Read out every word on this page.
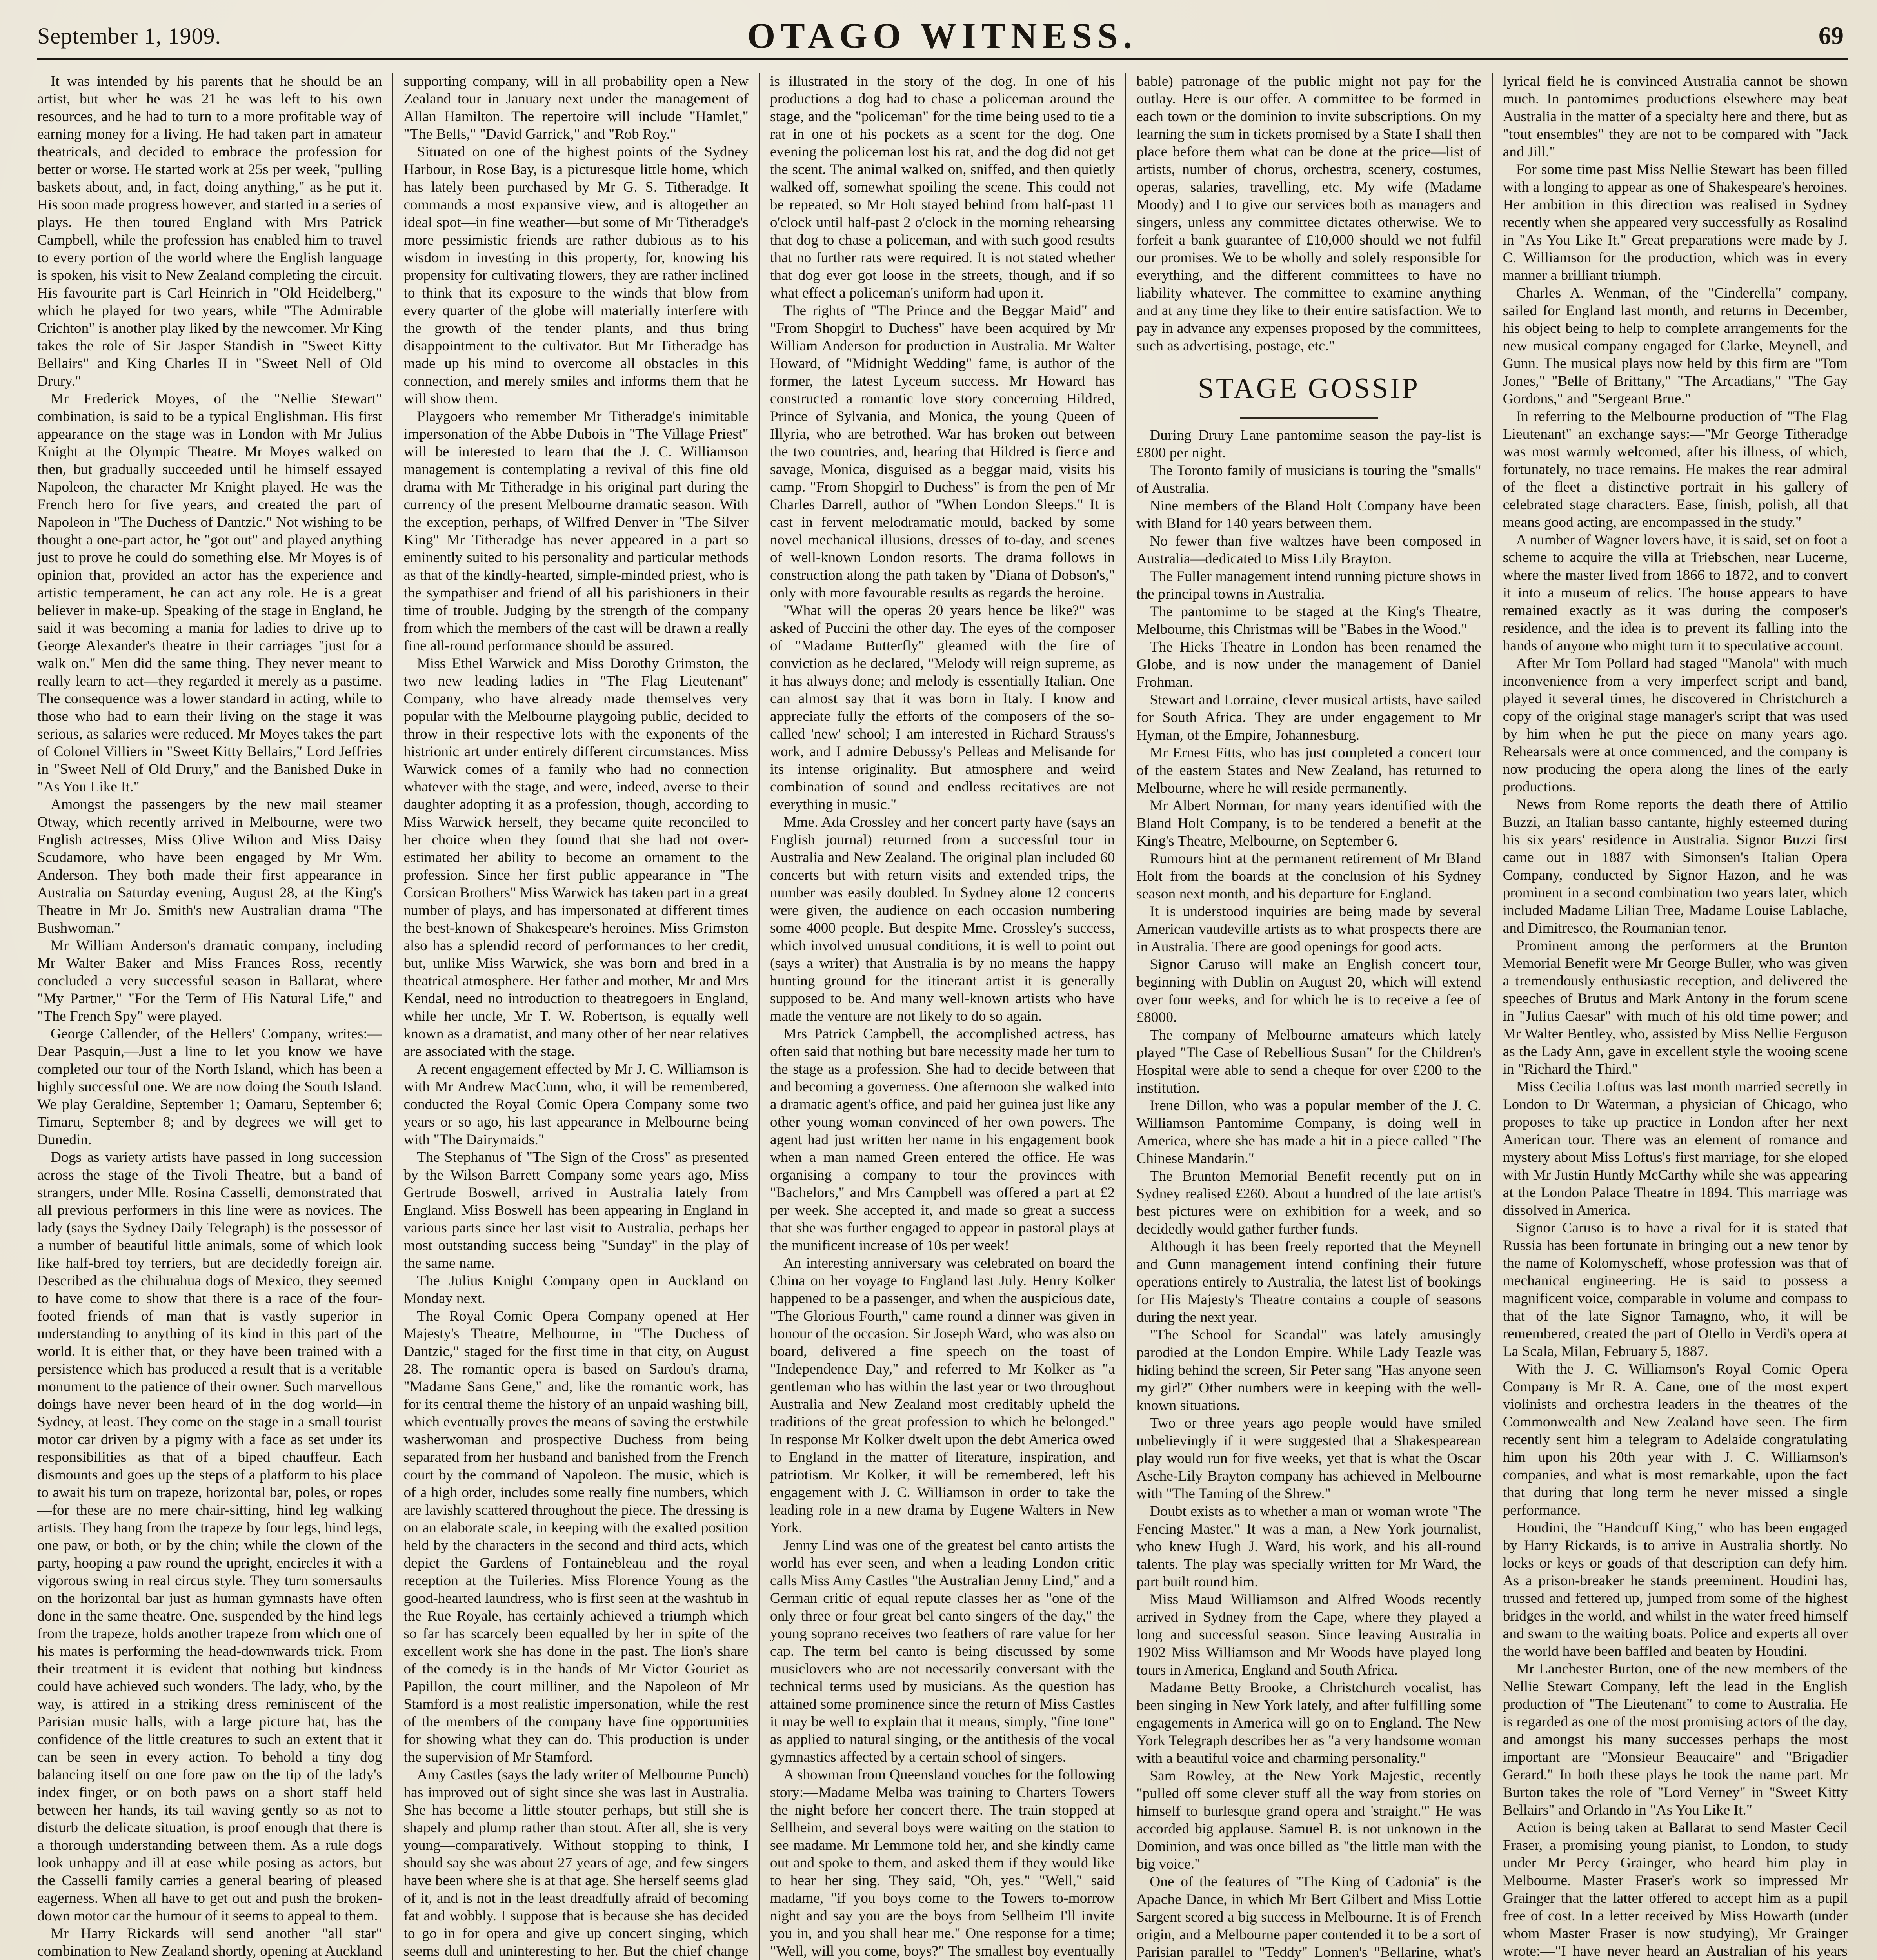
September 1, 1909.	OTAGO WITNESS.	69

It was intended by his parents that he should be an artist, but wher he was 21 he was left to his own resources, and he had to turn to a more profitable way of earning money for a living. He had taken part in amateur theatricals, and decided to embrace the profession for better or worse. He started work at 25s per week, "pulling baskets about, and, in fact, doing anything," as he put it. His soon made progress however, and started in a series of plays. He then toured England with Mrs Patrick Campbell, while the profession has enabled him to travel to every portion of the world where the English language is spoken, his visit to New Zealand completing the circuit. His favourite part is Carl Heinrich in "Old Heidelberg," which he played for two years, while "The Admirable Crichton" is another play liked by the newcomer. Mr King takes the role of Sir Jasper Standish in "Sweet Kitty Bellairs" and King Charles II in "Sweet Nell of Old Drury."

Mr Frederick Moyes, of the "Nellie Stewart" combination, is said to be a typical Englishman. His first appearance on the stage was in London with Mr Julius Knight at the Olympic Theatre. Mr Moyes walked on then, but gradually succeeded until he himself essayed Napoleon, the character Mr Knight played. He was the French hero for five years, and created the part of Napoleon in "The Duchess of Dantzic." Not wishing to be thought a one-part actor, he "got out" and played anything just to prove he could do something else. Mr Moyes is of opinion that, provided an actor has the experience and artistic temperament, he can act any role. He is a great believer in make-up. Speaking of the stage in England, he said it was becoming a mania for ladies to drive up to George Alexander's theatre in their carriages "just for a walk on." Men did the same thing. They never meant to really learn to act—they regarded it merely as a pastime. The consequence was a lower standard in acting, while to those who had to earn their living on the stage it was serious, as salaries were reduced. Mr Moyes takes the part of Colonel Villiers in "Sweet Kitty Bellairs," Lord Jeffries in "Sweet Nell of Old Drury," and the Banished Duke in "As You Like It."

Amongst the passengers by the new mail steamer Otway, which recently arrived in Melbourne, were two English actresses, Miss Olive Wilton and Miss Daisy Scudamore, who have been engaged by Mr Wm. Anderson. They both made their first appearance in Australia on Saturday evening, August 28, at the King's Theatre in Mr Jo. Smith's new Australian drama "The Bushwoman."

Mr William Anderson's dramatic company, including Mr Walter Baker and Miss Frances Ross, recently concluded a very successful season in Ballarat, where "My Partner," "For the Term of His Natural Life," and "The French Spy" were played.

George Callender, of the Hellers' Company, writes:—Dear Pasquin,—Just a line to let you know we have completed our tour of the North Island, which has been a highly successful one. We are now doing the South Island. We play Geraldine, September 1; Oamaru, September 6; Timaru, September 8; and by degrees we will get to Dunedin.

Dogs as variety artists have passed in long succession across the stage of the Tivoli Theatre, but a band of strangers, under Mlle. Rosina Casselli, demonstrated that all previous performers in this line were as novices. The lady (says the Sydney Daily Telegraph) is the possessor of a number of beautiful little animals, some of which look like half-bred toy terriers, but are decidedly foreign air. Described as the chihuahua dogs of Mexico, they seemed to have come to show that there is a race of the four-footed friends of man that is vastly superior in understanding to anything of its kind in this part of the world. It is either that, or they have been trained with a persistence which has produced a result that is a veritable monument to the patience of their owner. Such marvellous doings have never been heard of in the dog world—in Sydney, at least. They come on the stage in a small tourist motor car driven by a pigmy with a face as set under its responsibilities as that of a biped chauffeur. Each dismounts and goes up the steps of a platform to his place to await his turn on trapeze, horizontal bar, poles, or ropes—for these are no mere chair-sitting, hind leg walking artists. They hang from the trapeze by four legs, hind legs, one paw, or both, or by the chin; while the clown of the party, hooping a paw round the upright, encircles it with a vigorous swing in real circus style. They turn somersaults on the horizontal bar just as human gymnasts have often done in the same theatre. One, suspended by the hind legs from the trapeze, holds another trapeze from which one of his mates is performing the head-downwards trick. From their treatment it is evident that nothing but kindness could have achieved such wonders. The lady, who, by the way, is attired in a striking dress reminiscent of the Parisian music halls, with a large picture hat, has the confidence of the little creatures to such an extent that it can be seen in every action. To behold a tiny dog balancing itself on one fore paw on the tip of the lady's index finger, or on both paws on a short staff held between her hands, its tail waving gently so as not to disturb the delicate situation, is proof enough that there is a thorough understanding between them. As a rule dogs look unhappy and ill at ease while posing as actors, but the Casselli family carries a general bearing of pleased eagerness. When all have to get out and push the broken-down motor car the humour of it seems to appeal to them.

Mr Harry Rickards will send another "all star" combination to New Zealand shortly, opening at Auckland

supporting company, will in all probability open a New Zealand tour in January next under the management of Allan Hamilton. The repertoire will include "Hamlet," "The Bells," "David Garrick," and "Rob Roy."

Situated on one of the highest points of the Sydney Harbour, in Rose Bay, is a picturesque little home, which has lately been purchased by Mr G. S. Titheradge. It commands a most expansive view, and is altogether an ideal spot—in fine weather—but some of Mr Titheradge's more pessimistic friends are rather dubious as to his wisdom in investing in this property, for, knowing his propensity for cultivating flowers, they are rather inclined to think that its exposure to the winds that blow from every quarter of the globe will materially interfere with the growth of the tender plants, and thus bring disappointment to the cultivator. But Mr Titheradge has made up his mind to overcome all obstacles in this connection, and merely smiles and informs them that he will show them.

Playgoers who remember Mr Titheradge's inimitable impersonation of the Abbe Dubois in "The Village Priest" will be interested to learn that the J. C. Williamson management is contemplating a revival of this fine old drama with Mr Titheradge in his original part during the currency of the present Melbourne dramatic season. With the exception, perhaps, of Wilfred Denver in "The Silver King" Mr Titheradge has never appeared in a part so eminently suited to his personality and particular methods as that of the kindly-hearted, simple-minded priest, who is the sympathiser and friend of all his parishioners in their time of trouble. Judging by the strength of the company from which the members of the cast will be drawn a really fine all-round performance should be assured.

Miss Ethel Warwick and Miss Dorothy Grimston, the two new leading ladies in "The Flag Lieutenant" Company, who have already made themselves very popular with the Melbourne playgoing public, decided to throw in their respective lots with the exponents of the histrionic art under entirely different circumstances. Miss Warwick comes of a family who had no connection whatever with the stage, and were, indeed, averse to their daughter adopting it as a profession, though, according to Miss Warwick herself, they became quite reconciled to her choice when they found that she had not over-estimated her ability to become an ornament to the profession. Since her first public appearance in "The Corsican Brothers" Miss Warwick has taken part in a great number of plays, and has impersonated at different times the best-known of Shakespeare's heroines. Miss Grimston also has a splendid record of performances to her credit, but, unlike Miss Warwick, she was born and bred in a theatrical atmosphere. Her father and mother, Mr and Mrs Kendal, need no introduction to theatregoers in England, while her uncle, Mr T. W. Robertson, is equally well known as a dramatist, and many other of her near relatives are associated with the stage.

A recent engagement effected by Mr J. C. Williamson is with Mr Andrew MacCunn, who, it will be remembered, conducted the Royal Comic Opera Company some two years or so ago, his last appearance in Melbourne being with "The Dairymaids."

The Stephanus of "The Sign of the Cross" as presented by the Wilson Barrett Company some years ago, Miss Gertrude Boswell, arrived in Australia lately from England. Miss Boswell has been appearing in England in various parts since her last visit to Australia, perhaps her most outstanding success being "Sunday" in the play of the same name.

The Julius Knight Company open in Auckland on Monday next.

The Royal Comic Opera Company opened at Her Majesty's Theatre, Melbourne, in "The Duchess of Dantzic," staged for the first time in that city, on August 28. The romantic opera is based on Sardou's drama, "Madame Sans Gene," and, like the romantic work, has for its central theme the history of an unpaid washing bill, which eventually proves the means of saving the erstwhile washerwoman and prospective Duchess from being separated from her husband and banished from the French court by the command of Napoleon. The music, which is of a high order, includes some really fine numbers, which are lavishly scattered throughout the piece. The dressing is on an elaborate scale, in keeping with the exalted position held by the characters in the second and third acts, which depict the Gardens of Fontainebleau and the royal reception at the Tuileries. Miss Florence Young as the good-hearted laundress, who is first seen at the washtub in the Rue Royale, has certainly achieved a triumph which so far has scarcely been equalled by her in spite of the excellent work she has done in the past. The lion's share of the comedy is in the hands of Mr Victor Gouriet as Papillon, the court milliner, and the Napoleon of Mr Stamford is a most realistic impersonation, while the rest of the members of the company have fine opportunities for showing what they can do. This production is under the supervision of Mr Stamford.

Amy Castles (says the lady writer of Melbourne Punch) has improved out of sight since she was last in Australia. She has become a little stouter perhaps, but still she is shapely and plump rather than stout. After all, she is very young—comparatively. Without stopping to think, I should say she was about 27 years of age, and few singers have been where she is at that age. She herself seems glad of it, and is not in the least dreadfully afraid of becoming fat and wobbly. I suppose that is because she has decided to go in for opera and give up concert singing, which seems dull and uninteresting to her. But the chief change

is illustrated in the story of the dog. In one of his productions a dog had to chase a policeman around the stage, and the "policeman" for the time being used to tie a rat in one of his pockets as a scent for the dog. One evening the policeman lost his rat, and the dog did not get the scent. The animal walked on, sniffed, and then quietly walked off, somewhat spoiling the scene. This could not be repeated, so Mr Holt stayed behind from half-past 11 o'clock until half-past 2 o'clock in the morning rehearsing that dog to chase a policeman, and with such good results that no further rats were required. It is not stated whether that dog ever got loose in the streets, though, and if so what effect a policeman's uniform had upon it.

The rights of "The Prince and the Beggar Maid" and "From Shopgirl to Duchess" have been acquired by Mr William Anderson for production in Australia. Mr Walter Howard, of "Midnight Wedding" fame, is author of the former, the latest Lyceum success. Mr Howard has constructed a romantic love story concerning Hildred, Prince of Sylvania, and Monica, the young Queen of Illyria, who are betrothed. War has broken out between the two countries, and, hearing that Hildred is fierce and savage, Monica, disguised as a beggar maid, visits his camp. "From Shopgirl to Duchess" is from the pen of Mr Charles Darrell, author of "When London Sleeps." It is cast in fervent melodramatic mould, backed by some novel mechanical illusions, dresses of to-day, and scenes of well-known London resorts. The drama follows in construction along the path taken by "Diana of Dobson's," only with more favourable results as regards the heroine.

"What will the operas 20 years hence be like?" was asked of Puccini the other day. The eyes of the composer of "Madame Butterfly" gleamed with the fire of conviction as he declared, "Melody will reign supreme, as it has always done; and melody is essentially Italian. One can almost say that it was born in Italy. I know and appreciate fully the efforts of the composers of the so-called 'new' school; I am interested in Richard Strauss's work, and I admire Debussy's Pelleas and Melisande for its intense originality. But atmosphere and weird combination of sound and endless recitatives are not everything in music."

Mme. Ada Crossley and her concert party have (says an English journal) returned from a successful tour in Australia and New Zealand. The original plan included 60 concerts but with return visits and extended trips, the number was easily doubled. In Sydney alone 12 concerts were given, the audience on each occasion numbering some 4000 people. But despite Mme. Crossley's success, which involved unusual conditions, it is well to point out (says a writer) that Australia is by no means the happy hunting ground for the itinerant artist it is generally supposed to be. And many well-known artists who have made the venture are not likely to do so again.

Mrs Patrick Campbell, the accomplished actress, has often said that nothing but bare necessity made her turn to the stage as a profession. She had to decide between that and becoming a governess. One afternoon she walked into a dramatic agent's office, and paid her guinea just like any other young woman convinced of her own powers. The agent had just written her name in his engagement book when a man named Green entered the office. He was organising a company to tour the provinces with "Bachelors," and Mrs Campbell was offered a part at £2 per week. She accepted it, and made so great a success that she was further engaged to appear in pastoral plays at the munificent increase of 10s per week!

An interesting anniversary was celebrated on board the China on her voyage to England last July. Henry Kolker happened to be a passenger, and when the auspicious date, "The Glorious Fourth," came round a dinner was given in honour of the occasion. Sir Joseph Ward, who was also on board, delivered a fine speech on the toast of "Independence Day," and referred to Mr Kolker as "a gentleman who has within the last year or two throughout Australia and New Zealand most creditably upheld the traditions of the great profession to which he belonged." In response Mr Kolker dwelt upon the debt America owed to England in the matter of literature, inspiration, and patriotism. Mr Kolker, it will be remembered, left his engagement with J. C. Williamson in order to take the leading role in a new drama by Eugene Walters in New York.

Jenny Lind was one of the greatest bel canto artists the world has ever seen, and when a leading London critic calls Miss Amy Castles "the Australian Jenny Lind," and a German critic of equal repute classes her as "one of the only three or four great bel canto singers of the day," the young soprano receives two feathers of rare value for her cap. The term bel canto is being discussed by some musiclovers who are not necessarily conversant with the technical terms used by musicians. As the question has attained some prominence since the return of Miss Castles it may be well to explain that it means, simply, "fine tone" as applied to natural singing, or the antithesis of the vocal gymnastics affected by a certain school of singers.

A showman from Queensland vouches for the following story:—Madame Melba was training to Charters Towers the night before her concert there. The train stopped at Sellheim, and several boys were waiting on the station to see madame. Mr Lemmone told her, and she kindly came out and spoke to them, and asked them if they would like to hear her sing. They said, "Oh, yes." "Well," said madame, "if you boys come to the Towers to-morrow night and say you are the boys from Sellheim I'll invite you in, and you shall hear me." One response for a time; "Well, will you come, boys?" The smallest boy eventually

bable) patronage of the public might not pay for the outlay. Here is our offer. A committee to be formed in each town or the dominion to invite subscriptions. On my learning the sum in tickets promised by a State I shall then place before them what can be done at the price—list of artists, number of chorus, orchestra, scenery, costumes, operas, salaries, travelling, etc. My wife (Madame Moody) and I to give our services both as managers and singers, unless any committee dictates otherwise. We to forfeit a bank guarantee of £10,000 should we not fulfil our promises. We to be wholly and solely responsible for everything, and the different committees to have no liability whatever. The committee to examine anything and at any time they like to their entire satisfaction. We to pay in advance any expenses proposed by the committees, such as advertising, postage, etc."

STAGE GOSSIP

During Drury Lane pantomime season the pay-list is £800 per night.

The Toronto family of musicians is touring the "smalls" of Australia.

Nine members of the Bland Holt Company have been with Bland for 140 years between them.

No fewer than five waltzes have been composed in Australia—dedicated to Miss Lily Brayton.

The Fuller management intend running picture shows in the principal towns in Australia.

The pantomime to be staged at the King's Theatre, Melbourne, this Christmas will be "Babes in the Wood."

The Hicks Theatre in London has been renamed the Globe, and is now under the management of Daniel Frohman.

Stewart and Lorraine, clever musical artists, have sailed for South Africa. They are under engagement to Mr Hyman, of the Empire, Johannesburg.

Mr Ernest Fitts, who has just completed a concert tour of the eastern States and New Zealand, has returned to Melbourne, where he will reside permanently.

Mr Albert Norman, for many years identified with the Bland Holt Company, is to be tendered a benefit at the King's Theatre, Melbourne, on September 6.

Rumours hint at the permanent retirement of Mr Bland Holt from the boards at the conclusion of his Sydney season next month, and his departure for England.

It is understood inquiries are being made by several American vaudeville artists as to what prospects there are in Australia. There are good openings for good acts.

Signor Caruso will make an English concert tour, beginning with Dublin on August 20, which will extend over four weeks, and for which he is to receive a fee of £8000.

The company of Melbourne amateurs which lately played "The Case of Rebellious Susan" for the Children's Hospital were able to send a cheque for over £200 to the institution.

Irene Dillon, who was a popular member of the J. C. Williamson Pantomime Company, is doing well in America, where she has made a hit in a piece called "The Chinese Mandarin."

The Brunton Memorial Benefit recently put on in Sydney realised £260. About a hundred of the late artist's best pictures were on exhibition for a week, and so decidedly would gather further funds.

Although it has been freely reported that the Meynell and Gunn management intend confining their future operations entirely to Australia, the latest list of bookings for His Majesty's Theatre contains a couple of seasons during the next year.

"The School for Scandal" was lately amusingly parodied at the London Empire. While Lady Teazle was hiding behind the screen, Sir Peter sang "Has anyone seen my girl?" Other numbers were in keeping with the well-known situations.

Two or three years ago people would have smiled unbelievingly if it were suggested that a Shakespearean play would run for five weeks, yet that is what the Oscar Asche-Lily Brayton company has achieved in Melbourne with "The Taming of the Shrew."

Doubt exists as to whether a man or woman wrote "The Fencing Master." It was a man, a New York journalist, who knew Hugh J. Ward, his work, and his all-round talents. The play was specially written for Mr Ward, the part built round him.

Miss Maud Williamson and Alfred Woods recently arrived in Sydney from the Cape, where they played a long and successful season. Since leaving Australia in 1902 Miss Williamson and Mr Woods have played long tours in America, England and South Africa.

Madame Betty Brooke, a Christchurch vocalist, has been singing in New York lately, and after fulfilling some engagements in America will go on to England. The New York Telegraph describes her as "a very handsome woman with a beautiful voice and charming personality."

Sam Rowley, at the New York Majestic, recently "pulled off some clever stuff all the way from stories on himself to burlesque grand opera and 'straight.'" He was accorded big applause. Samuel B. is not unknown in the Dominion, and was once billed as "the little man with the big voice."

One of the features of "The King of Cadonia" is the Apache Dance, in which Mr Bert Gilbert and Miss Lottie Sargent scored a big success in Melbourne. It is of French origin, and a Melbourne paper contended it to be a sort of Parisian parallel to "Teddy" Lonnen's "Bellarine, what's

lyrical field he is convinced Australia cannot be shown much. In pantomimes productions elsewhere may beat Australia in the matter of a specialty here and there, but as "tout ensembles" they are not to be compared with "Jack and Jill."

For some time past Miss Nellie Stewart has been filled with a longing to appear as one of Shakespeare's heroines. Her ambition in this direction was realised in Sydney recently when she appeared very successfully as Rosalind in "As You Like It." Great preparations were made by J. C. Williamson for the production, which was in every manner a brilliant triumph.

Charles A. Wenman, of the "Cinderella" company, sailed for England last month, and returns in December, his object being to help to complete arrangements for the new musical company engaged for Clarke, Meynell, and Gunn. The musical plays now held by this firm are "Tom Jones," "Belle of Brittany," "The Arcadians," "The Gay Gordons," and "Sergeant Brue."

In referring to the Melbourne production of "The Flag Lieutenant" an exchange says:—"Mr George Titheradge was most warmly welcomed, after his illness, of which, fortunately, no trace remains. He makes the rear admiral of the fleet a distinctive portrait in his gallery of celebrated stage characters. Ease, finish, polish, all that means good acting, are encompassed in the study."

A number of Wagner lovers have, it is said, set on foot a scheme to acquire the villa at Triebschen, near Lucerne, where the master lived from 1866 to 1872, and to convert it into a museum of relics. The house appears to have remained exactly as it was during the composer's residence, and the idea is to prevent its falling into the hands of anyone who might turn it to speculative account.

After Mr Tom Pollard had staged "Manola" with much inconvenience from a very imperfect script and band, played it several times, he discovered in Christchurch a copy of the original stage manager's script that was used by him when he put the piece on many years ago. Rehearsals were at once commenced, and the company is now producing the opera along the lines of the early productions.

News from Rome reports the death there of Attilio Buzzi, an Italian basso cantante, highly esteemed during his six years' residence in Australia. Signor Buzzi first came out in 1887 with Simonsen's Italian Opera Company, conducted by Signor Hazon, and he was prominent in a second combination two years later, which included Madame Lilian Tree, Madame Louise Lablache, and Dimitresco, the Roumanian tenor.

Prominent among the performers at the Brunton Memorial Benefit were Mr George Buller, who was given a tremendously enthusiastic reception, and delivered the speeches of Brutus and Mark Antony in the forum scene in "Julius Caesar" with much of his old time power; and Mr Walter Bentley, who, assisted by Miss Nellie Ferguson as the Lady Ann, gave in excellent style the wooing scene in "Richard the Third."

Miss Cecilia Loftus was last month married secretly in London to Dr Waterman, a physician of Chicago, who proposes to take up practice in London after her next American tour. There was an element of romance and mystery about Miss Loftus's first marriage, for she eloped with Mr Justin Huntly McCarthy while she was appearing at the London Palace Theatre in 1894. This marriage was dissolved in America.

Signor Caruso is to have a rival for it is stated that Russia has been fortunate in bringing out a new tenor by the name of Kolomyscheff, whose profession was that of mechanical engineering. He is said to possess a magnificent voice, comparable in volume and compass to that of the late Signor Tamagno, who, it will be remembered, created the part of Otello in Verdi's opera at La Scala, Milan, February 5, 1887.

With the J. C. Williamson's Royal Comic Opera Company is Mr R. A. Cane, one of the most expert violinists and orchestra leaders in the theatres of the Commonwealth and New Zealand have seen. The firm recently sent him a telegram to Adelaide congratulating him upon his 20th year with J. C. Williamson's companies, and what is most remarkable, upon the fact that during that long term he never missed a single performance.

Houdini, the "Handcuff King," who has been engaged by Harry Rickards, is to arrive in Australia shortly. No locks or keys or goads of that description can defy him. As a prison-breaker he stands preeminent. Houdini has, trussed and fettered up, jumped from some of the highest bridges in the world, and whilst in the water freed himself and swam to the waiting boats. Police and experts all over the world have been baffled and beaten by Houdini.

Mr Lanchester Burton, one of the new members of the Nellie Stewart Company, left the lead in the English production of "The Lieutenant" to come to Australia. He is regarded as one of the most promising actors of the day, and amongst his many successes perhaps the most important are "Monsieur Beaucaire" and "Brigadier Gerard." In both these plays he took the name part. Mr Burton takes the role of "Lord Verney" in "Sweet Kitty Bellairs" and Orlando in "As You Like It."

Action is being taken at Ballarat to send Master Cecil Fraser, a promising young pianist, to London, to study under Mr Percy Grainger, who heard him play in Melbourne. Master Fraser's work so impressed Mr Grainger that the latter offered to accept him as a pupil free of cost. In a letter received by Miss Howarth (under whom Master Fraser is now studying), Mr Grainger wrote:—"I have never heard an Australian of his years
